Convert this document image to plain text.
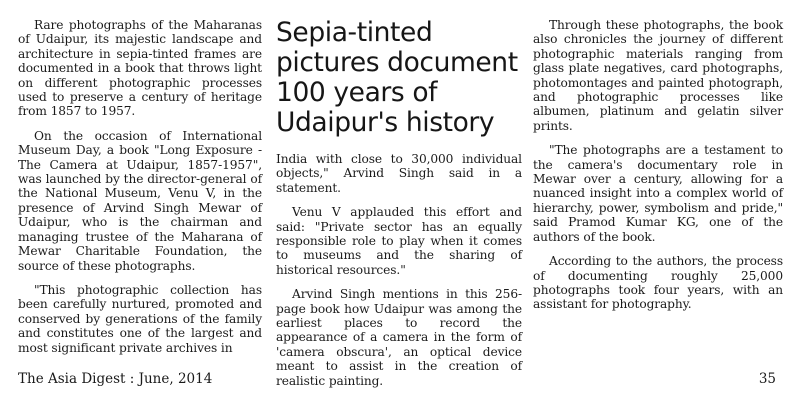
Rare photographs of the Maharanas of Udaipur, its majestic landscape and architecture in sepia-tinted frames are documented in a book that throws light on different photographic processes used to preserve a century of heritage from 1857 to 1957.

On the occasion of International Museum Day, a book "Long Exposure - The Camera at Udaipur, 1857-1957", was launched by the director-general of the National Museum, Venu V, in the presence of Arvind Singh Mewar of Udaipur, who is the chairman and managing trustee of the Maharana of Mewar Charitable Foundation, the source of these photographs.

"This photographic collection has been carefully nurtured, promoted and conserved by generations of the family and constitutes one of the largest and most significant private archives in

Sepia-tinted pictures document 100 years of Udaipur's history

India with close to 30,000 individual objects," Arvind Singh said in a statement.

Venu V applauded this effort and said: "Private sector has an equally responsible role to play when it comes to museums and the sharing of historical resources."

Arvind Singh mentions in this 256-page book how Udaipur was among the earliest places to record the appearance of a camera in the form of 'camera obscura', an optical device meant to assist in the creation of realistic painting.

Through these photographs, the book also chronicles the journey of different photographic materials ranging from glass plate negatives, card photographs, photomontages and painted photograph, and photographic processes like albumen, platinum and gelatin silver prints.

"The photographs are a testament to the camera's documentary role in Mewar over a century, allowing for a nuanced insight into a complex world of hierarchy, power, symbolism and pride," said Pramod Kumar KG, one of the authors of the book.

According to the authors, the process of documenting roughly 25,000 photographs took four years, with an assistant for photography.

The Asia Digest : June, 2014	35
